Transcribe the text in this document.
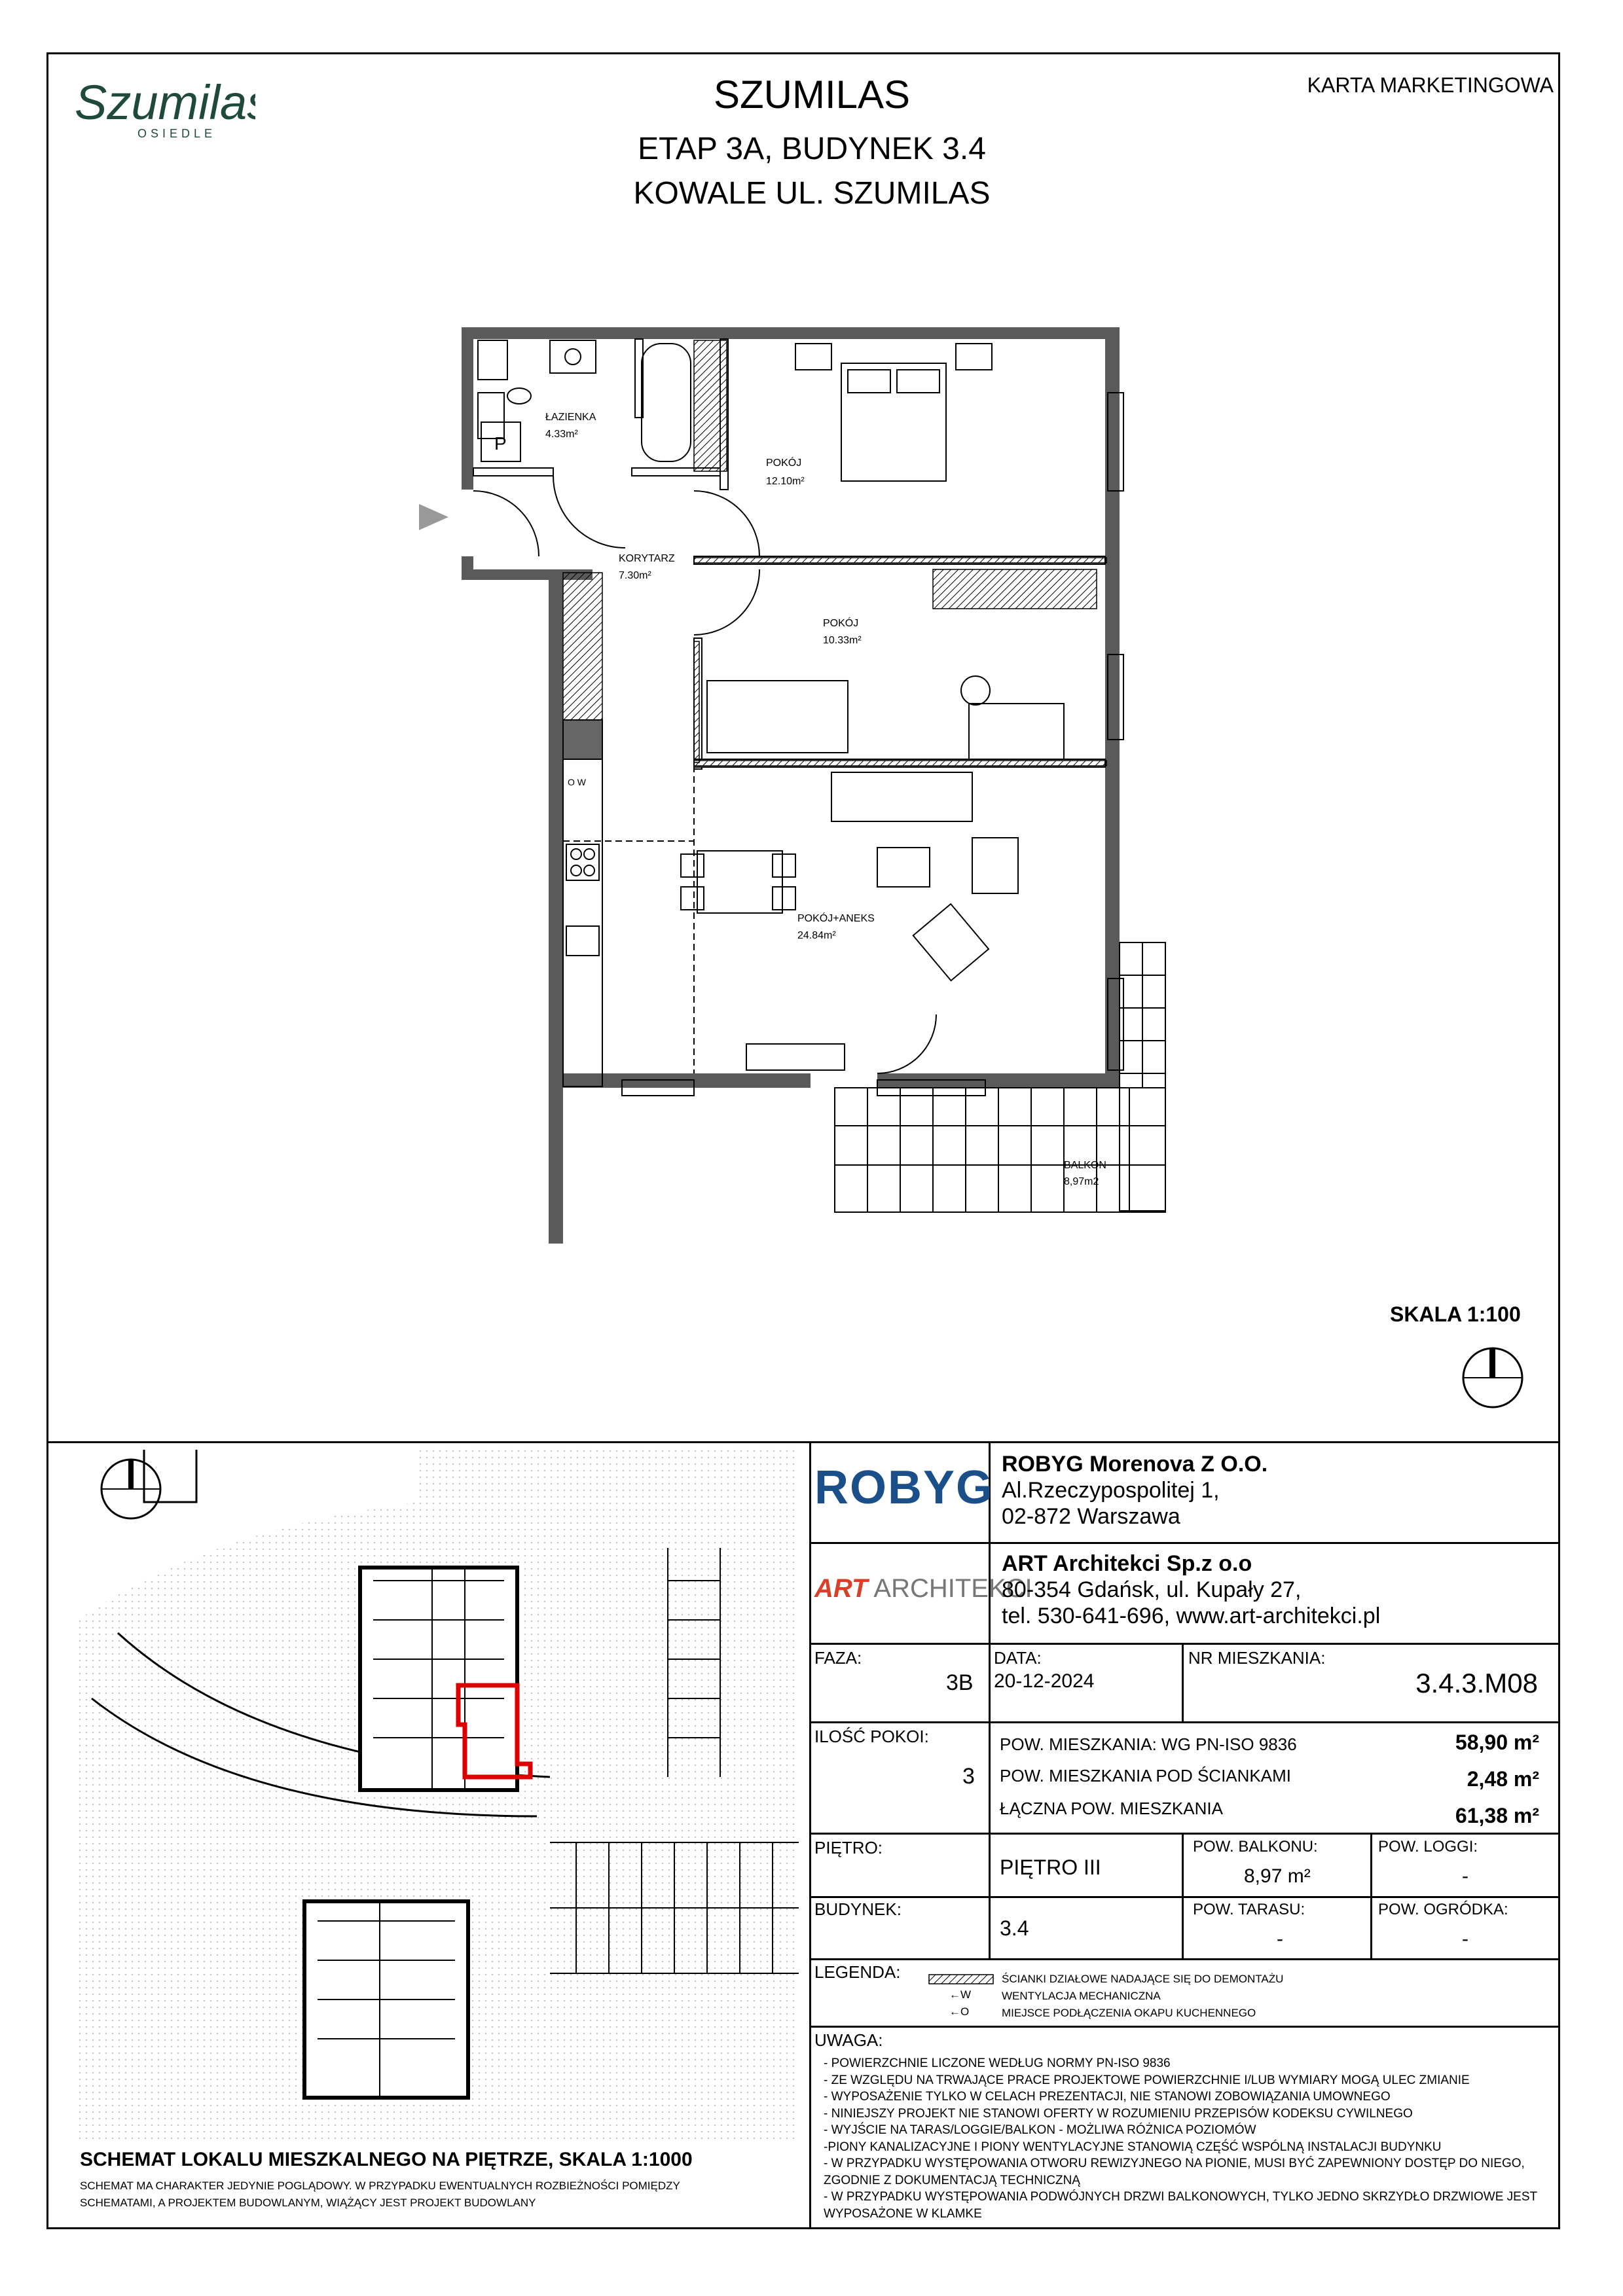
Szumilas
OSIEDLE
SZUMILAS
ETAP 3A, BUDYNEK 3.4
KOWALE UL. SZUMILAS
KARTA MARKETINGOWA
P
O W
ŁAZIENKA
4.33m²
POKÓJ
12.10m²
KORYTARZ
7.30m²
POKÓJ
10.33m²
POKÓJ+ANEKS
24.84m²
BALKON
8,97m2
SKALA 1:100
SCHEMAT LOKALU MIESZKALNEGO NA PIĘTRZE, SKALA 1:1000
SCHEMAT MA CHARAKTER JEDYNIE POGLĄDOWY. W PRZYPADKU EWENTUALNYCH ROZBIEŻNOŚCI POMIĘDZY
SCHEMATAMI, A PROJEKTEM BUDOWLANYM, WIĄŻĄCY JEST PROJEKT BUDOWLANY
ROBYG ROBYG Morenova Z O.O.
Al.Rzeczypospolitej 1,
02-872 Warszawa
ART ARCHITEKCI
ART Architekci Sp.z o.o
80-354 Gdańsk, ul. Kupały 27,
tel. 530-641-696, www.art-architekci.pl
FAZA:
3B
DATA:
20-12-2024
NR MIESZKANIA:
3.4.3.M08
ILOŚĆ POKOI:
3
POW. MIESZKANIA: WG PN-ISO 9836	58,90 m²
POW. MIESZKANIA POD ŚCIANKAMI	2,48 m²
ŁĄCZNA POW. MIESZKANIA	61,38 m²
PIĘTRO:
PIĘTRO III
POW. BALKONU:
8,97 m²
POW. LOGGI:
-
BUDYNEK:
3.4
POW. TARASU:
-
POW. OGRÓDKA:
-
LEGENDA:	ŚCIANKI DZIAŁOWE NADAJĄCE SIĘ DO DEMONTAŻU
←W	WENTYLACJA MECHANICZNA
←O	MIEJSCE PODŁĄCZENIA OKAPU KUCHENNEGO
UWAGA:
- POWIERZCHNIE LICZONE WEDŁUG NORMY PN-ISO 9836
- ZE WZGLĘDU NA TRWAJĄCE PRACE PROJEKTOWE POWIERZCHNIE I/LUB WYMIARY MOGĄ ULEC ZMIANIE
- WYPOSAŻENIE TYLKO W CELACH PREZENTACJI, NIE STANOWI ZOBOWIĄZANIA UMOWNEGO
- NINIEJSZY PROJEKT NIE STANOWI OFERTY W ROZUMIENIU PRZEPISÓW KODEKSU CYWILNEGO
- WYJŚCIE NA TARAS/LOGGIE/BALKON - MOŻLIWA RÓŻNICA POZIOMÓW
-PIONY KANALIZACYJNE I PIONY WENTYLACYJNE STANOWIĄ CZĘŚĆ WSPÓLNĄ INSTALACJI BUDYNKU
- W PRZYPADKU WYSTĘPOWANIA OTWORU REWIZYJNEGO NA PIONIE, MUSI BYĆ ZAPEWNIONY DOSTĘP DO NIEGO,
ZGODNIE Z DOKUMENTACJĄ TECHNICZNĄ
- W PRZYPADKU WYSTĘPOWANIA PODWÓJNYCH DRZWI BALKONOWYCH, TYLKO JEDNO SKRZYDŁO DRZWIOWE JEST
WYPOSAŻONE W KLAMKE
